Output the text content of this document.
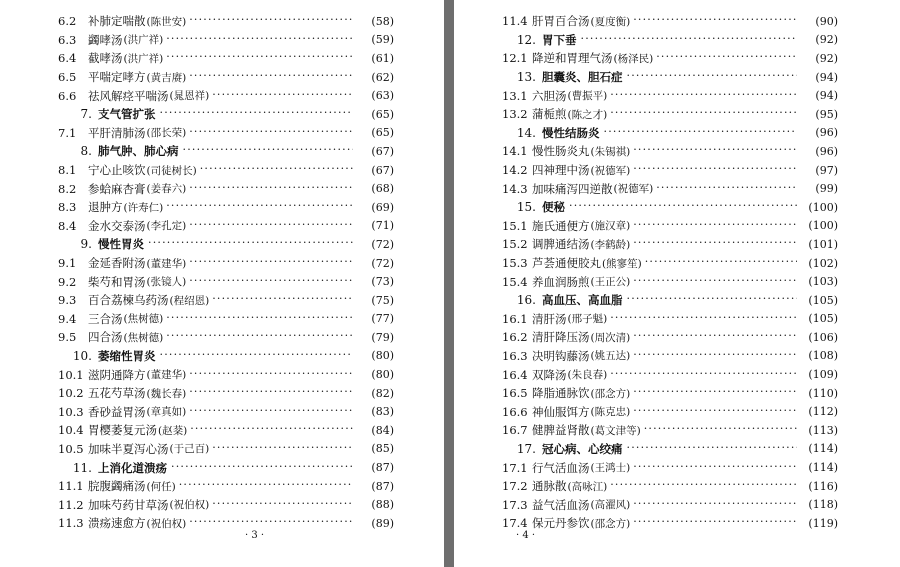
6.2	补肺定喘散 (陈世安) ·····	(58)
6.3	蠲哮汤 (洪广祥) ·····	(59)
6.4	截哮汤 (洪广祥) ·····	(61)
6.5	平喘定哮方 (黄吉赓) ·····	(62)
6.6	祛风解痉平喘汤 (晁恩祥) ·····	(63)
7. 支气管扩张 ·····	(65)
7.1	平肝清肺汤 (邵长荣) ·····	(65)
8. 肺气肿、肺心病 ·····	(67)
8.1	宁心止咳饮 (司徒树长) ·····	(67)
8.2	参蛤麻杏膏 (姜春六) ·····	(68)
8.3	退肿方 (许寿仁) ·····	(69)
8.4	金水交泰汤 (李孔定) ·····	(71)
9. 慢性胃炎 ·····	(72)
9.1	金延香附汤 (董建华) ·····	(72)
9.2	柴芍和胃汤 (张镜人) ·····	(73)
9.3	百合荔楝乌药汤 (程绍恩) ·····	(75)
9.4	三合汤 (焦树德) ·····	(77)
9.5	四合汤 (焦树德) ·····	(79)
10. 萎缩性胃炎 ·····	(80)
10.1 滋阴通降方 (董建华) ·····	(80)
10.2 五花芍草汤 (魏长春) ·····	(82)
10.3 香砂益胃汤 (章真如) ·····	(83)
10.4 胃樱萎复元汤 (赵棻) ·····	(84)
10.5 加味半夏泻心汤 (于己百) ·····	(85)
11. 上消化道溃疡 ·····	(87)
11.1 脘腹蠲痛汤 (何任) ·····	(87)
11.2 加味芍药甘草汤 (祝伯权) ·····	(88)
11.3 溃疡速愈方 (祝伯权) ·····	(89)
· 3 ·
11.4 肝胃百合汤 (夏度衡) ·····	(90)
12. 胃下垂 ·····	(92)
12.1 降逆和胃理气汤 (杨泽民) ·····	(92)
13. 胆囊炎、胆石症 ·····	(94)
13.1 六胆汤 (曹振平) ·····	(94)
13.2 蒲栀煎 (陈之才) ·····	(95)
14. 慢性结肠炎 ·····	(96)
14.1 慢性肠炎丸 (朱锡祺) ·····	(96)
14.2 四神理中汤 (祝德军) ·····	(97)
14.3 加味痛泻四逆散 (祝德军) ·····	(99)
15. 便秘 ·····	(100)
15.1 施氏通便方 (施汉章) ·····	(100)
15.2 调脾通结汤 (李鹤龄) ·····	(101)
15.3 芦荟通便胶丸 (熊寥笙) ·····	(102)
15.4 养血润肠煎 (王正公) ·····	(103)
16. 高血压、高血脂 ·····	(105)
16.1 清肝汤 (邢子魁) ·····	(105)
16.2 清肝降压汤 (周次清) ·····	(106)
16.3 决明钩藤汤 (姚五达) ·····	(108)
16.4 双降汤 (朱良春) ·····	(109)
16.5 降脂通脉饮 (邵念方) ·····	(110)
16.6 神仙服饵方 (陈克忠) ·····	(112)
16.7 健脾益肾散 (葛文津等) ·····	(113)
17. 冠心病、心绞痛 ·····	(114)
17.1 行气活血汤 (王鸿士) ·····	(114)
17.2 通脉散 (高咏江) ·····	(116)
17.3 益气活血汤 (高濯风) ·····	(118)
17.4 保元丹参饮 (邵念方) ·····	(119)
· 4 ·
